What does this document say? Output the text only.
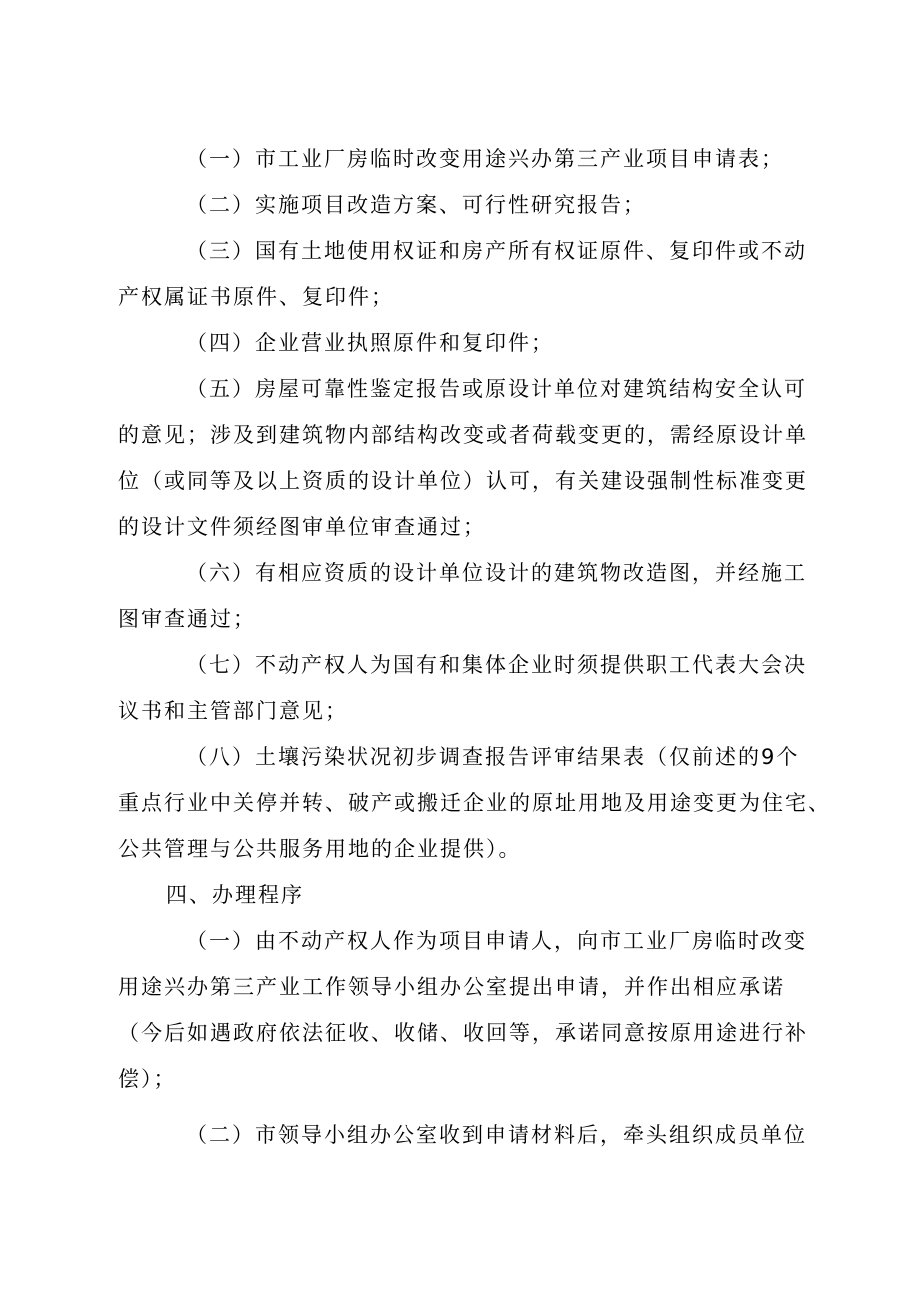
（一）市工业厂房临时改变用途兴办第三产业项目申请表；
（二）实施项目改造方案、可行性研究报告；
（三）国有土地使用权证和房产所有权证原件、复印件或不动
产权属证书原件、复印件；
（四）企业营业执照原件和复印件；
（五）房屋可靠性鉴定报告或原设计单位对建筑结构安全认可
的意见；涉及到建筑物内部结构改变或者荷载变更的，需经原设计单
位（或同等及以上资质的设计单位）认可，有关建设强制性标准变更
的设计文件须经图审单位审查通过；
（六）有相应资质的设计单位设计的建筑物改造图，并经施工
图审查通过；
（七）不动产权人为国有和集体企业时须提供职工代表大会决
议书和主管部门意见；
（八）土壤污染状况初步调查报告评审结果表（仅前述的9个
重点行业中关停并转、破产或搬迁企业的原址用地及用途变更为住宅、
公共管理与公共服务用地的企业提供）。
四、办理程序
（一）由不动产权人作为项目申请人，向市工业厂房临时改变
用途兴办第三产业工作领导小组办公室提出申请，并作出相应承诺
（今后如遇政府依法征收、收储、收回等，承诺同意按原用途进行补
偿）；
（二）市领导小组办公室收到申请材料后，牵头组织成员单位
